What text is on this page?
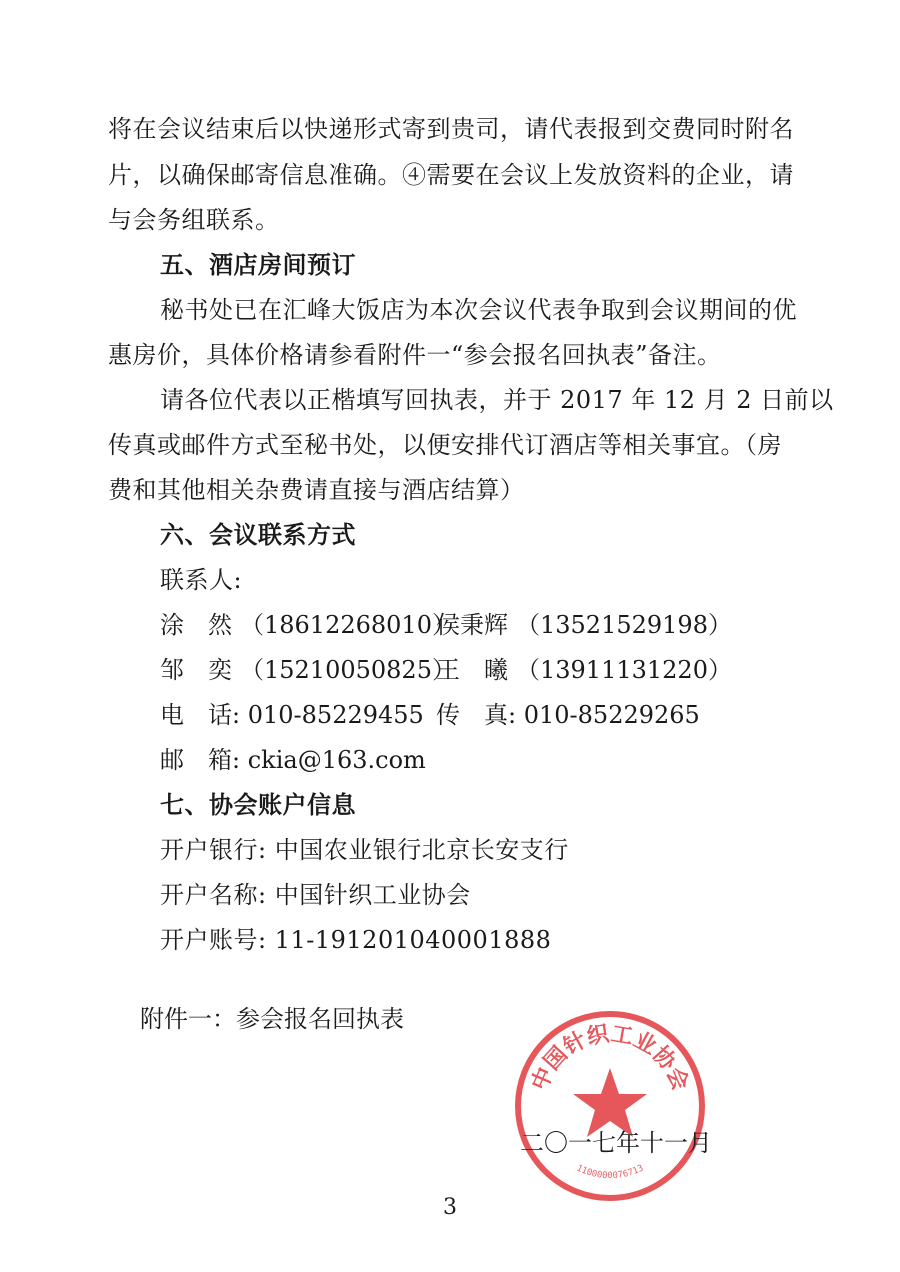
将在会议结束后以快递形式寄到贵司，请代表报到交费同时附名
片，以确保邮寄信息准确。④需要在会议上发放资料的企业，请
与会务组联系。
五、酒店房间预订
秘书处已在汇峰大饭店为本次会议代表争取到会议期间的优
惠房价，具体价格请参看附件一“参会报名回执表”备注。
请各位代表以正楷填写回执表，并于 2017 年 12 月 2 日前以
传真或邮件方式至秘书处，以便安排代订酒店等相关事宜。（房
费和其他相关杂费请直接与酒店结算）
六、会议联系方式
联系人:
涂　然 （18612268010）
侯秉辉 （13521529198）
邹　奕 （15210050825）
王　曦 （13911131220）
电　话: 010-85229455 传　真: 010-85229265
邮　箱: ckia@163.com
七、协会账户信息
开户银行: 中国农业银行北京长安支行
开户名称: 中国针织工业协会
开户账号: 11-191201040001888
附件一：参会报名回执表
中国针织工业协会
1100000076713
二〇一七年十一月
3
